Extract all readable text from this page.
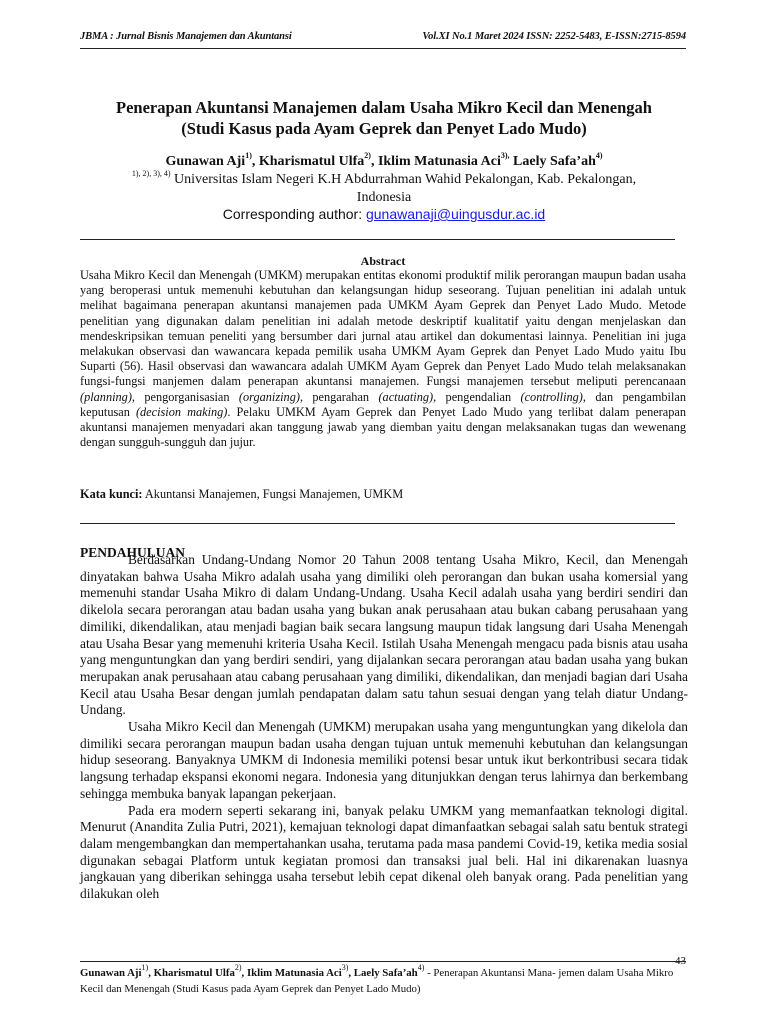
JBMA : Jurnal Bisnis Manajemen dan Akuntansi	Vol.XI No.1 Maret 2024 ISSN: 2252-5483, E-ISSN:2715-8594
Penerapan Akuntansi Manajemen dalam Usaha Mikro Kecil dan Menengah
(Studi Kasus pada Ayam Geprek dan Penyet Lado Mudo)
Gunawan Aji$^{1)}$, Kharismatul Ulfa$^{2)}$, Iklim Matunasia Aci$^{3),}$ Laely $Safa’ah^{4)}$
$^{1), 2), 3), 4)}$ Universitas Islam Negeri K.H Abdurrahman Wahid Pekalongan, Kab. Pekalongan,
Indonesia
Corresponding author: gunawanaji@uingusdur.ac.id
Abstract
Usaha Mikro Kecil dan Menengah (UMKM) merupakan entitas ekonomi produktif milik perorangan maupun badan usaha yang beroperasi untuk memenuhi kebutuhan dan kelangsungan hidup seseorang. Tujuan penelitian ini adalah untuk melihat bagaimana penerapan akuntansi manajemen pada UMKM Ayam Geprek dan Penyet Lado Mudo. Metode penelitian yang digunakan dalam penelitian ini adalah metode deskriptif kualitatif yaitu dengan menjelaskan dan mendeskripsikan temuan peneliti yang bersumber dari jurnal atau artikel dan dokumentasi lainnya. Penelitian ini juga melakukan observasi dan wawancara kepada pemilik usaha UMKM Ayam Geprek dan Penyet Lado Mudo yaitu Ibu Suparti (56). Hasil observasi dan wawancara adalah UMKM Ayam Geprek dan Penyet Lado Mudo telah melaksanakan fungsi-fungsi manjemen dalam penerapan akuntansi manajemen. Fungsi manajemen tersebut meliputi perencanaan (planning), pengorganisasian (organizing), pengarahan (actuating), pengendalian (controlling), dan pengambilan keputusan (decision making). Pelaku UMKM Ayam Geprek dan Penyet Lado Mudo yang terlibat dalam penerapan akuntansi manajemen menyadari akan tanggung jawab yang diemban yaitu dengan melaksanakan tugas dan wewenang dengan sungguh-sungguh dan jujur.
Kata kunci: Akuntansi Manajemen, Fungsi Manajemen, UMKM
PENDAHULUAN

Berdasarkan Undang-Undang Nomor 20 Tahun 2008 tentang Usaha Mikro, Kecil, dan Menengah dinyatakan bahwa Usaha Mikro adalah usaha yang dimiliki oleh perorangan dan bukan usaha komersial yang memenuhi standar Usaha Mikro di dalam Undang-Undang. Usaha Kecil adalah usaha yang berdiri sendiri dan dikelola secara perorangan atau badan usaha yang bukan anak perusahaan atau bukan cabang perusahaan yang dimiliki, dikendalikan, atau menjadi bagian baik secara langsung maupun tidak langsung dari Usaha Menengah atau Usaha Besar yang memenuhi kriteria Usaha Kecil. Istilah Usaha Menengah mengacu pada bisnis atau usaha yang menguntungkan dan yang berdiri sendiri, yang dijalankan secara perorangan atau badan usaha yang bukan merupakan anak perusahaan atau cabang perusahaan yang dimiliki, dikendalikan, dan menjadi bagian dari Usaha Kecil atau Usaha Besar dengan jumlah pendapatan dalam satu tahun sesuai dengan yang telah diatur Undang-Undang.

Usaha Mikro Kecil dan Menengah (UMKM) merupakan usaha yang menguntungkan yang dikelola dan dimiliki secara perorangan maupun badan usaha dengan tujuan untuk memenuhi kebutuhan dan kelangsungan hidup seseorang. Banyaknya UMKM di Indonesia memiliki potensi besar untuk ikut berkontribusi secara tidak langsung terhadap ekspansi ekonomi negara. Indonesia yang ditunjukkan dengan terus lahirnya dan berkembang sehingga membuka banyak lapangan pekerjaan.

Pada era modern seperti sekarang ini, banyak pelaku UMKM yang memanfaatkan teknologi digital. Menurut (Anandita Zulia Putri, 2021), kemajuan teknologi dapat dimanfaatkan sebagai salah satu bentuk strategi dalam mengembangkan dan mempertahankan usaha, terutama pada masa pandemi Covid-19, ketika media sosial digunakan sebagai Platform untuk kegiatan promosi dan transaksi jual beli. Hal ini dikarenakan luasnya jangkauan yang diberikan sehingga usaha tersebut lebih cepat dikenal oleh banyak orang. Pada penelitian yang dilakukan oleh

43
Gunawan Aji$^{1)}$, Kharismatul Ulfa$^{2)}$, Iklim Matunasia Aci$^{3)}$, Laely $Safa’ah^{4)}$ - Penerapan Akuntansi Mana- jemen dalam Usaha Mikro Kecil dan Menengah (Studi Kasus pada Ayam Geprek dan Penyet Lado Mudo)
